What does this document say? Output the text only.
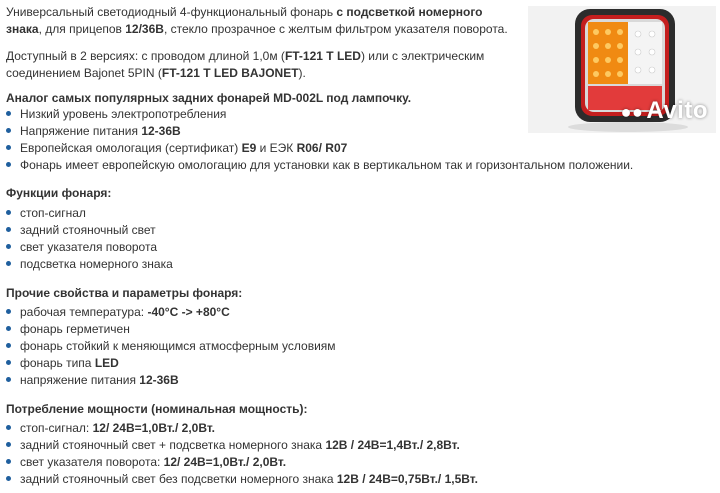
Универсальный светодиодный 4-функциональный фонарь с подсветкой номерного знака, для прицепов 12/36В, стекло прозрачное с желтым фильтром указателя поворота.

Доступный в 2 версиях: с проводом длиной 1,0м (FT-121 T LED) или с электрическим соединением Bajonet 5PIN (FT-121 T LED BAJONET).

Аналог самых популярных задних фонарей MD-002L под лампочку.
Низкий уровень электропотребления
Напряжение питания 12-36В
Европейская омологация (сертификат) E9 и ЕЭК R06/ R07
Фонарь имеет европейскую омологацию для установки как в вертикальном так и горизонтальном положении.
Функции фонаря:
стоп-сигнал
задний стояночный свет
свет указателя поворота
подсветка номерного знака
Прочие свойства и параметры фонаря:
рабочая температура: -40°C -> +80°C
фонарь герметичен
фонарь стойкий к меняющимся атмосферным условиям
фонарь типа LED
напряжение питания 12-36В
Потребление мощности (номинальная мощность):
стоп-сигнал: 12/ 24В=1,0Вт./ 2,0Вт.
задний стояночный свет + подсветка номерного знака 12В / 24В=1,4Вт./ 2,8Вт.
свет указателя поворота: 12/ 24В=1,0Вт./ 2,0Вт.
задний стояночный свет без подсветки номерного знака 12В / 24В=0,75Вт./ 1,5Вт.
●● Avito
